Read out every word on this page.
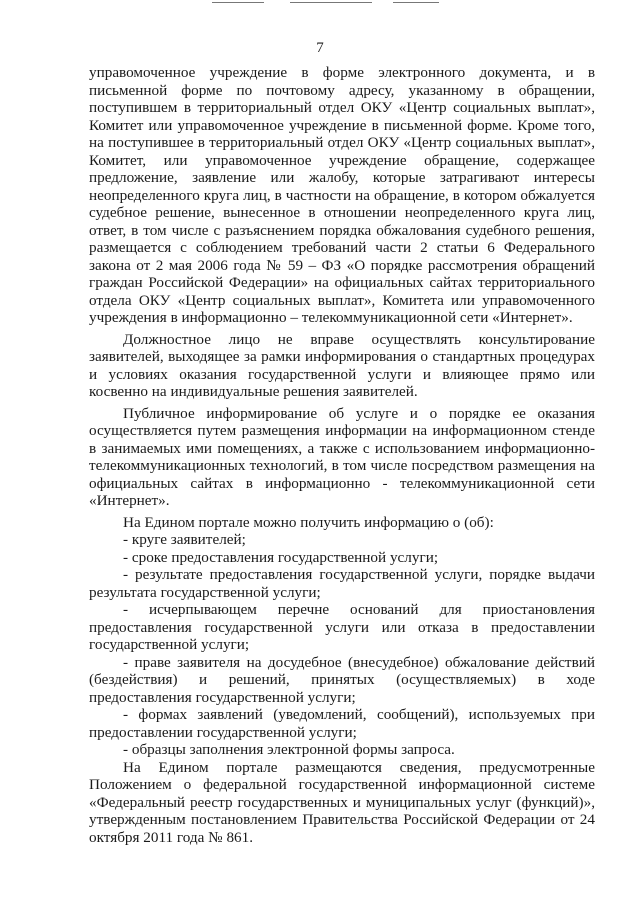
7

управомоченное учреждение в форме электронного документа, и в письменной форме по почтовому адресу, указанному в обращении, поступившем в территориальный отдел ОКУ «Центр социальных выплат», Комитет или управомоченное учреждение в письменной форме. Кроме того, на поступившее в территориальный отдел ОКУ «Центр социальных выплат», Комитет, или управомоченное учреждение обращение, содержащее предложение, заявление или жалобу, которые затрагивают интересы неопределенного круга лиц, в частности на обращение, в котором обжалуется судебное решение, вынесенное в отношении неопределенного круга лиц, ответ, в том числе с разъяснением порядка обжалования судебного решения, размещается с соблюдением требований части 2 статьи 6 Федерального закона от 2 мая 2006 года № 59 – ФЗ «О порядке рассмотрения обращений граждан Российской Федерации» на официальных сайтах территориального отдела ОКУ «Центр социальных выплат», Комитета или управомоченного учреждения в информационно – телекоммуникационной сети «Интернет».

Должностное лицо не вправе осуществлять консультирование заявителей, выходящее за рамки информирования о стандартных процедурах и условиях оказания государственной услуги и влияющее прямо или косвенно на индивидуальные решения заявителей.

Публичное информирование об услуге и о порядке ее оказания осуществляется путем размещения информации на информационном стенде в занимаемых ими помещениях, а также с использованием информационно-телекоммуникационных технологий, в том числе посредством размещения на официальных сайтах в информационно - телекоммуникационной сети «Интернет».

На Едином портале можно получить информацию о (об):

- круге заявителей;

- сроке предоставления государственной услуги;

- результате предоставления государственной услуги, порядке выдачи результата государственной услуги;

- исчерпывающем перечне оснований для приостановления предоставления государственной услуги или отказа в предоставлении государственной услуги;

- праве заявителя на досудебное (внесудебное) обжалование действий (бездействия) и решений, принятых (осуществляемых) в ходе предоставления государственной услуги;

- формах заявлений (уведомлений, сообщений), используемых при предоставлении государственной услуги;

- образцы заполнения электронной формы запроса.

На Едином портале размещаются сведения, предусмотренные Положением о федеральной государственной информационной системе «Федеральный реестр государственных и муниципальных услуг (функций)», утвержденным постановлением Правительства Российской Федерации от 24 октября 2011 года № 861.
